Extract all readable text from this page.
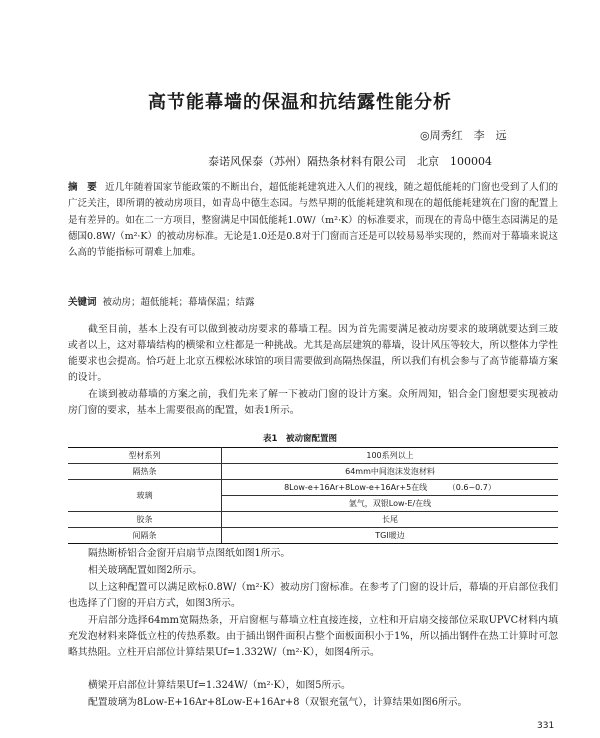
高节能幕墙的保温和抗结露性能分析
◎周秀红　李　远
泰诺风保泰（苏州）隔热条材料有限公司　北京　100004
摘　要 近几年随着国家节能政策的不断出台，超低能耗建筑进入人们的视线，随之超低能耗的门窗也受到了人们的广泛关注，即所谓的被动房项目，如青岛中德生态园。与然早期的低能耗建筑和现在的超低能耗建筑在门窗的配置上是有差异的。如在二一方项目，整窗满足中国低能耗1.0W/（m²·K）的标准要求，而现在的青岛中德生态园满足的是德国0.8W/（m²·K）的被动房标准。无论是1.0还是0.8对于门窗而言还是可以较易易举实现的，然而对于幕墙来说这么高的节能指标可谓难上加难。
关键词 被动房；超低能耗；幕墙保温；结露

截至目前，基本上没有可以做到被动房要求的幕墙工程。因为首先需要满足被动房要求的玻璃就要达到三玻或者以上，这对幕墙结构的横梁和立柱都是一种挑战。尤其是高层建筑的幕墙，设计风压等较大，所以整体力学性能要求也会提高。恰巧赶上北京五棵松冰球馆的项目需要做到高隔热保温，所以我们有机会参与了高节能幕墙方案的设计。

在谈到被动幕墙的方案之前，我们先来了解一下被动门窗的设计方案。众所周知，铝合金门窗想要实现被动房门窗的要求，基本上需要很高的配置，如表1所示。

表1　被动窗配置图
型材系列	100系列以上
隔热条	64mm中间泡沫发泡材料
玻璃	8Low-e+16Ar+8Low-e+16Ar+5在线 （0.6~0.7）
	氩气，双银Low-E/在线
胶条	长尾
间隔条	TGI暖边

隔热断桥铝合金窗开启扇节点图纸如图1所示。

相关玻璃配置如图2所示。

以上这种配置可以满足欧标0.8W/（m²·K）被动房门窗标准。在参考了门窗的设计后，幕墙的开启部位我们也选择了门窗的开启方式，如图3所示。

开启部分选择64mm宽隔热条，开启窗框与幕墙立柱直接连接，立柱和开启扇交接部位采取UPVC材料内填充发泡材料来降低立柱的传热系数。由于插出钢件面积占整个面板面积小于1%，所以插出钢件在热工计算时可忽略其热阻。立柱开启部位计算结果Uf=1.332W/（m²·K），如图4所示。

横梁开启部位计算结果Uf=1.324W/（m²·K），如图5所示。

配置玻璃为8Low-E+16Ar+8Low-E+16Ar+8（双银充氩气），计算结果如图6所示。

331
